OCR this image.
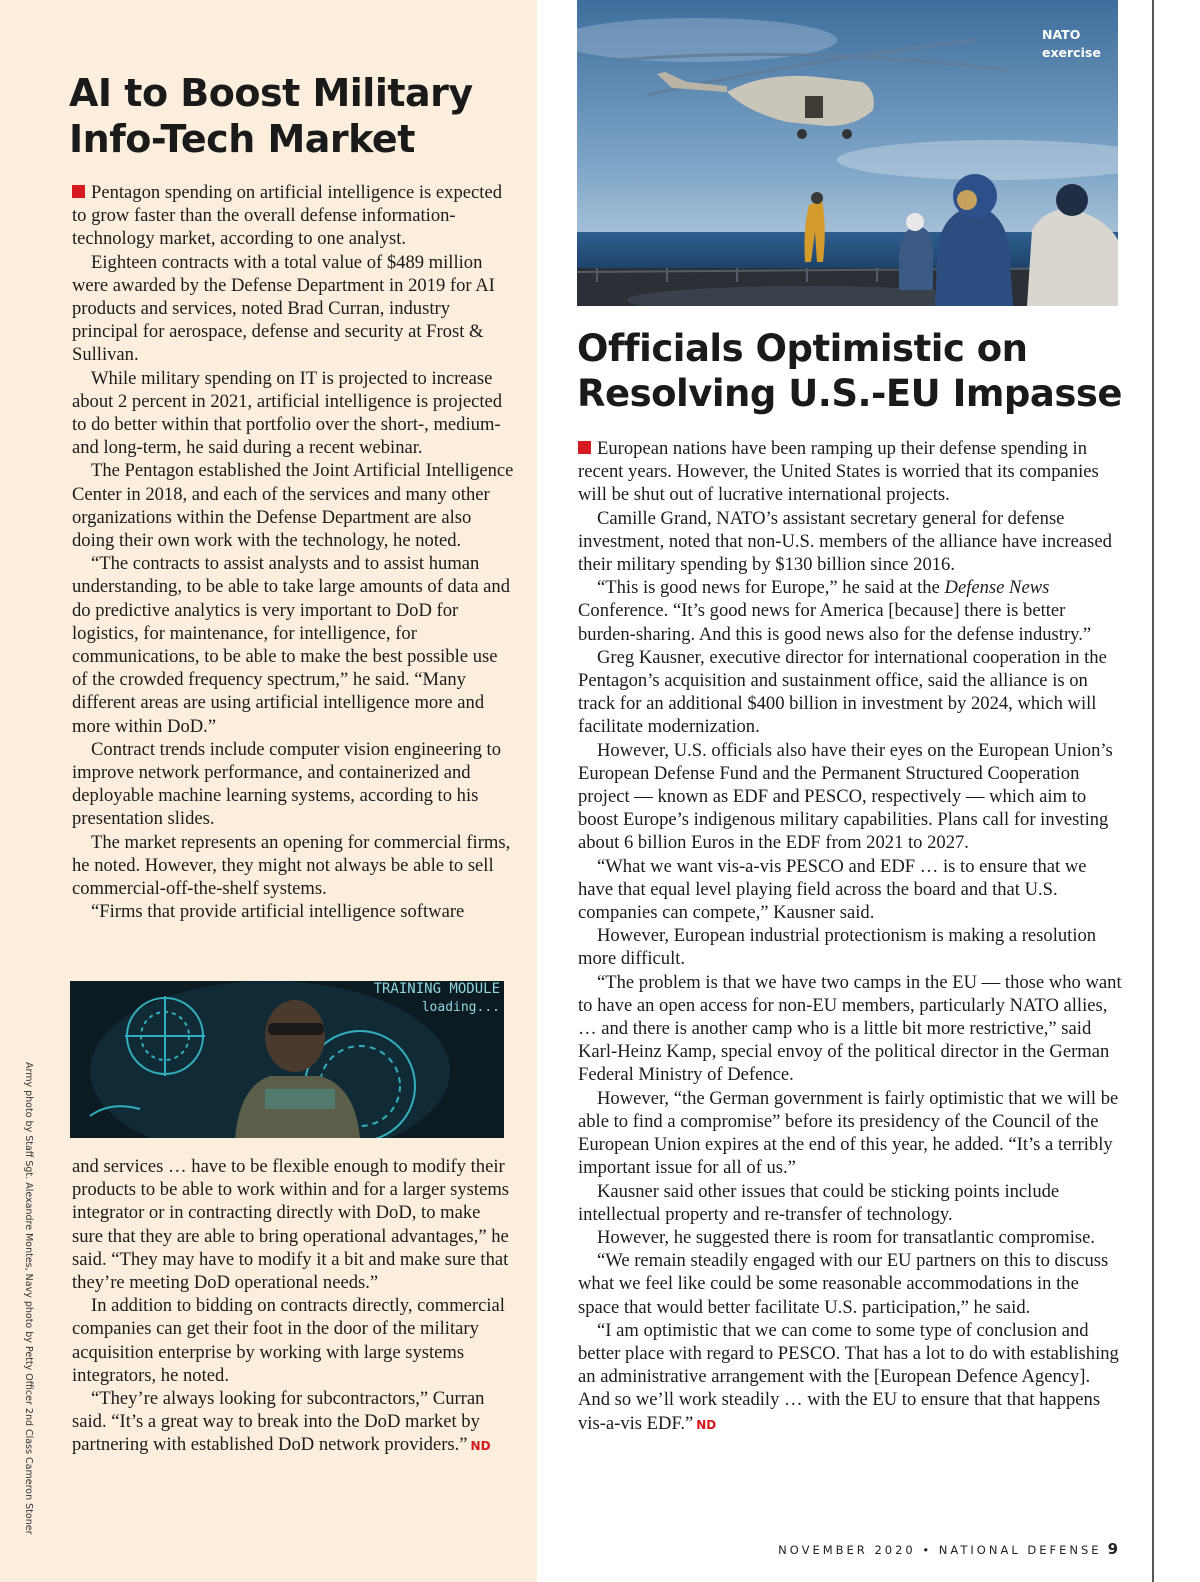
NATO
exercise
AI to Boost Military Info-Tech Market

Pentagon spending on artificial intelligence is expected to grow faster than the overall defense information-technology market, according to one analyst.

Eighteen contracts with a total value of $489 million were awarded by the Defense Department in 2019 for AI products and services, noted Brad Curran, industry principal for aerospace, defense and security at Frost & Sullivan.

While military spending on IT is projected to increase about 2 percent in 2021, artificial intelligence is projected to do better within that portfolio over the short-, medium- and long-term, he said during a recent webinar.

The Pentagon established the Joint Artificial Intelligence Center in 2018, and each of the services and many other organizations within the Defense Department are also doing their own work with the technology, he noted.

“The contracts to assist analysts and to assist human understanding, to be able to take large amounts of data and do predictive analytics is very important to DoD for logistics, for maintenance, for intelligence, for communications, to be able to make the best possible use of the crowded frequency spectrum,” he said. “Many different areas are using artificial intelligence more and more within DoD.”

Contract trends include computer vision engineering to improve network performance, and containerized and deployable machine learning systems, according to his presentation slides.

The market represents an opening for commercial firms, he noted. However, they might not always be able to sell commercial-off-the-shelf systems.

“Firms that provide artificial intelligence software

TRAINING MODULE
loading...

and services … have to be flexible enough to modify their products to be able to work within and for a larger systems integrator or in contracting directly with DoD, to make sure that they are able to bring operational advantages,” he said. “They may have to modify it a bit and make sure that they’re meeting DoD operational needs.”

In addition to bidding on contracts directly, commercial companies can get their foot in the door of the military acquisition enterprise by working with large systems integrators, he noted.

“They’re always looking for subcontractors,” Curran said. “It’s a great way to break into the DoD market by partnering with established DoD network providers.” ND

Officials Optimistic on Resolving U.S.-EU Impasse

European nations have been ramping up their defense spending in recent years. However, the United States is worried that its companies will be shut out of lucrative international projects.

Camille Grand, NATO’s assistant secretary general for defense investment, noted that non-U.S. members of the alliance have increased their military spending by $130 billion since 2016.

“This is good news for Europe,” he said at the Defense News Conference. “It’s good news for America [because] there is better burden-sharing. And this is good news also for the defense industry.”

Greg Kausner, executive director for international cooperation in the Pentagon’s acquisition and sustainment office, said the alliance is on track for an additional $400 billion in investment by 2024, which will facilitate modernization.

However, U.S. officials also have their eyes on the European Union’s European Defense Fund and the Permanent Structured Cooperation project — known as EDF and PESCO, respectively — which aim to boost Europe’s indigenous military capabilities. Plans call for investing about 6 billion Euros in the EDF from 2021 to 2027.

“What we want vis-a-vis PESCO and EDF … is to ensure that we have that equal level playing field across the board and that U.S. companies can compete,” Kausner said.

However, European industrial protectionism is making a resolution more difficult.

“The problem is that we have two camps in the EU — those who want to have an open access for non-EU members, particularly NATO allies, … and there is another camp who is a little bit more restrictive,” said Karl-Heinz Kamp, special envoy of the political director in the German Federal Ministry of Defence.

However, “the German government is fairly optimistic that we will be able to find a compromise” before its presidency of the Council of the European Union expires at the end of this year, he added. “It’s a terribly important issue for all of us.”

Kausner said other issues that could be sticking points include intellectual property and re-transfer of technology.

However, he suggested there is room for transatlantic compromise.

“We remain steadily engaged with our EU partners on this to discuss what we feel like could be some reasonable accommodations in the space that would better facilitate U.S. participation,” he said.

“I am optimistic that we can come to some type of conclusion and better place with regard to PESCO. That has a lot to do with establishing an administrative arrangement with the [European Defence Agency]. And so we’ll work steadily … with the EU to ensure that that happens vis-a-vis EDF.” ND

Army photo by Staff Sgt. Alexandre Montes, Navy photo by Petty Officer 2nd Class Cameron Stoner
NOVEMBER 2020 • NATIONAL DEFENSE 9
